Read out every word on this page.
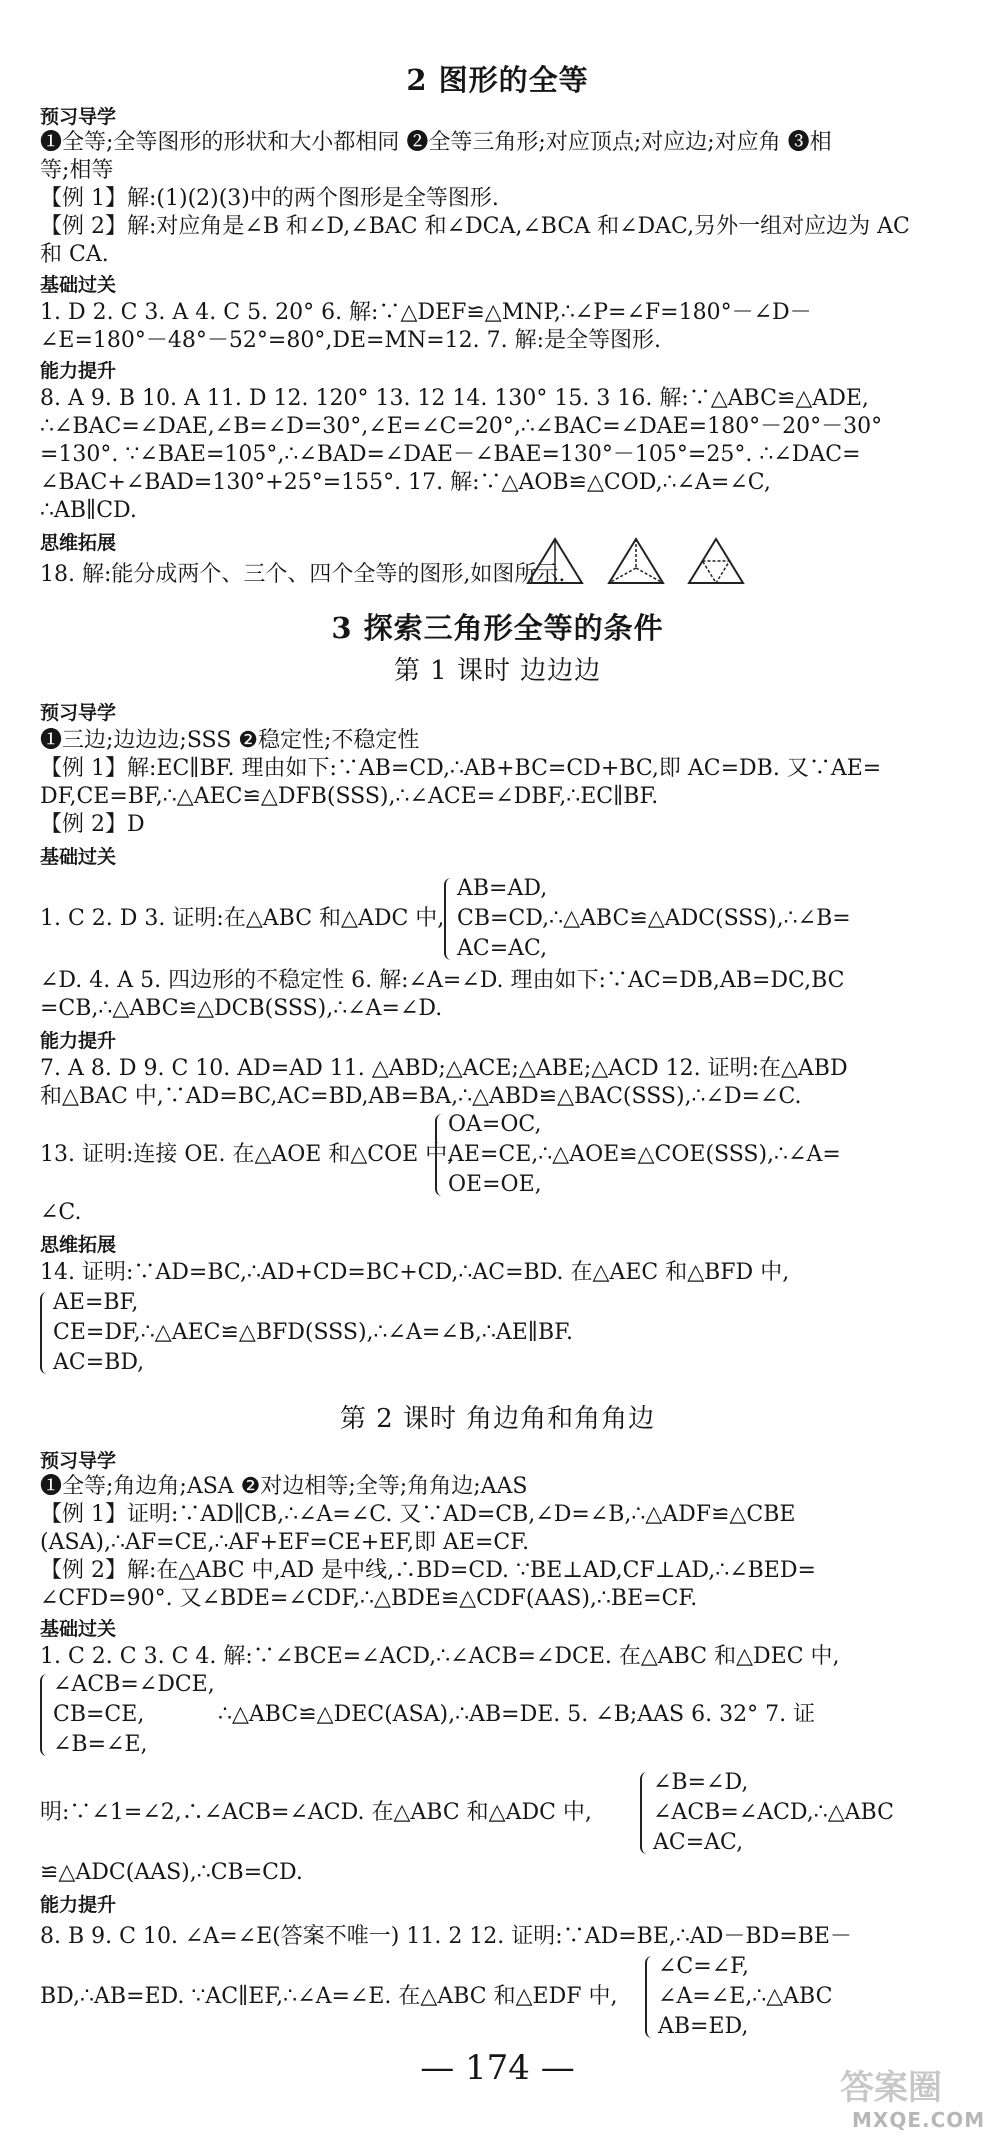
2 图形的全等
预习导学
❶全等;全等图形的形状和大小都相同 ❷全等三角形;对应顶点;对应边;对应角 ❸相
等;相等
【例 1】解:(1)(2)(3)中的两个图形是全等图形.
【例 2】解:对应角是∠B 和∠D,∠BAC 和∠DCA,∠BCA 和∠DAC,另外一组对应边为 AC
和 CA.
基础过关
1. D 2. C 3. A 4. C 5. 20° 6. 解:∵△DEF≌△MNP,∴∠P=∠F=180°－∠D－
∠E=180°－48°－52°=80°,DE=MN=12. 7. 解:是全等图形.
能力提升
8. A 9. B 10. A 11. D 12. 120° 13. 12 14. 130° 15. 3 16. 解:∵△ABC≌△ADE,
∴∠BAC=∠DAE,∠B=∠D=30°,∠E=∠C=20°,∴∠BAC=∠DAE=180°－20°－30°
=130°. ∵∠BAE=105°,∴∠BAD=∠DAE－∠BAE=130°－105°=25°. ∴∠DAC=
∠BAC+∠BAD=130°+25°=155°. 17. 解:∵△AOB≌△COD,∴∠A=∠C,
∴AB∥CD.
思维拓展
18. 解:能分成两个、三个、四个全等的图形,如图所示.
3 探索三角形全等的条件
第 1 课时 边边边
预习导学
❶三边;边边边;SSS ❷稳定性;不稳定性
【例 1】解:EC∥BF. 理由如下:∵AB=CD,∴AB+BC=CD+BC,即 AC=DB. 又∵AE=
DF,CE=BF,∴△AEC≌△DFB(SSS),∴∠ACE=∠DBF,∴EC∥BF.
【例 2】D
基础过关
1. C 2. D 3. 证明:在△ABC 和△ADC 中,
AB=AD,
CB=CD,∴△ABC≌△ADC(SSS),∴∠B=
AC=AC,
∠D. 4. A 5. 四边形的不稳定性 6. 解:∠A=∠D. 理由如下:∵AC=DB,AB=DC,BC
=CB,∴△ABC≌△DCB(SSS),∴∠A=∠D.
能力提升
7. A 8. D 9. C 10. AD=AD 11. △ABD;△ACE;△ABE;△ACD 12. 证明:在△ABD
和△BAC 中,∵AD=BC,AC=BD,AB=BA,∴△ABD≌△BAC(SSS),∴∠D=∠C.
13. 证明:连接 OE. 在△AOE 和△COE 中,
OA=OC,
AE=CE,∴△AOE≌△COE(SSS),∴∠A=
OE=OE,
∠C.
思维拓展
14. 证明:∵AD=BC,∴AD+CD=BC+CD,∴AC=BD. 在△AEC 和△BFD 中,
AE=BF,
CE=DF,∴△AEC≌△BFD(SSS),∴∠A=∠B,∴AE∥BF.
AC=BD,
第 2 课时 角边角和角角边
预习导学
❶全等;角边角;ASA ❷对边相等;全等;角角边;AAS
【例 1】证明:∵AD∥CB,∴∠A=∠C. 又∵AD=CB,∠D=∠B,∴△ADF≌△CBE
(ASA),∴AF=CE,∴AF+EF=CE+EF,即 AE=CF.
【例 2】解:在△ABC 中,AD 是中线,∴BD=CD. ∵BE⊥AD,CF⊥AD,∴∠BED=
∠CFD=90°. 又∠BDE=∠CDF,∴△BDE≌△CDF(AAS),∴BE=CF.
基础过关
1. C 2. C 3. C 4. 解:∵∠BCE=∠ACD,∴∠ACB=∠DCE. 在△ABC 和△DEC 中,
∠ACB=∠DCE,
CB=CE,
∠B=∠E,
∴△ABC≌△DEC(ASA),∴AB=DE. 5. ∠B;AAS 6. 32° 7. 证
明:∵∠1=∠2,∴∠ACB=∠ACD. 在△ABC 和△ADC 中,
∠B=∠D,
∠ACB=∠ACD,∴△ABC
AC=AC,
≌△ADC(AAS),∴CB=CD.
能力提升
8. B 9. C 10. ∠A=∠E(答案不唯一) 11. 2 12. 证明:∵AD=BE,∴AD－BD=BE－
BD,∴AB=ED. ∵AC∥EF,∴∠A=∠E. 在△ABC 和△EDF 中,
∠C=∠F,
∠A=∠E,∴△ABC
AB=ED,
— 174 —	答案圈
MXQE.COM
